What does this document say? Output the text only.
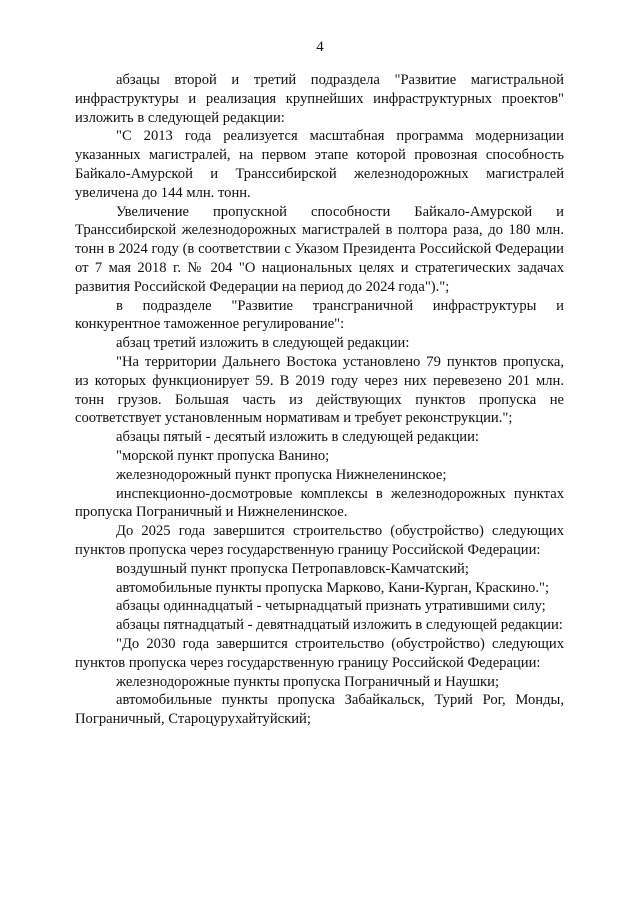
4

абзацы второй и третий подраздела "Развитие магистральной инфраструктуры и реализация крупнейших инфраструктурных проектов" изложить в следующей редакции:

"С 2013 года реализуется масштабная программа модернизации указанных магистралей, на первом этапе которой провозная способность Байкало-Амурской и Транссибирской железнодорожных магистралей увеличена до 144 млн. тонн.

Увеличение пропускной способности Байкало-Амурской и Транссибирской железнодорожных магистралей в полтора раза, до 180 млн. тонн в 2024 году (в соответствии с Указом Президента Российской Федерации от 7 мая 2018 г. № 204 "О национальных целях и стратегических задачах развития Российской Федерации на период до 2024 года").";

в подразделе "Развитие трансграничной инфраструктуры и конкурентное таможенное регулирование":

абзац третий изложить в следующей редакции:

"На территории Дальнего Востока установлено 79 пунктов пропуска, из которых функционирует 59. В 2019 году через них перевезено 201 млн. тонн грузов. Большая часть из действующих пунктов пропуска не соответствует установленным нормативам и требует реконструкции.";

абзацы пятый - десятый изложить в следующей редакции:

"морской пункт пропуска Ванино;

железнодорожный пункт пропуска Нижнеленинское;

инспекционно-досмотровые комплексы в железнодорожных пунктах пропуска Пограничный и Нижнеленинское.

До 2025 года завершится строительство (обустройство) следующих пунктов пропуска через государственную границу Российской Федерации:

воздушный пункт пропуска Петропавловск-Камчатский;

автомобильные пункты пропуска Марково, Кани-Курган, Краскино.";

абзацы одиннадцатый - четырнадцатый признать утратившими силу;

абзацы пятнадцатый - девятнадцатый изложить в следующей редакции:

"До 2030 года завершится строительство (обустройство) следующих пунктов пропуска через государственную границу Российской Федерации:

железнодорожные пункты пропуска Пограничный и Наушки;

автомобильные пункты пропуска Забайкальск, Турий Рог, Монды, Пограничный, Староцурухайтуйский;
